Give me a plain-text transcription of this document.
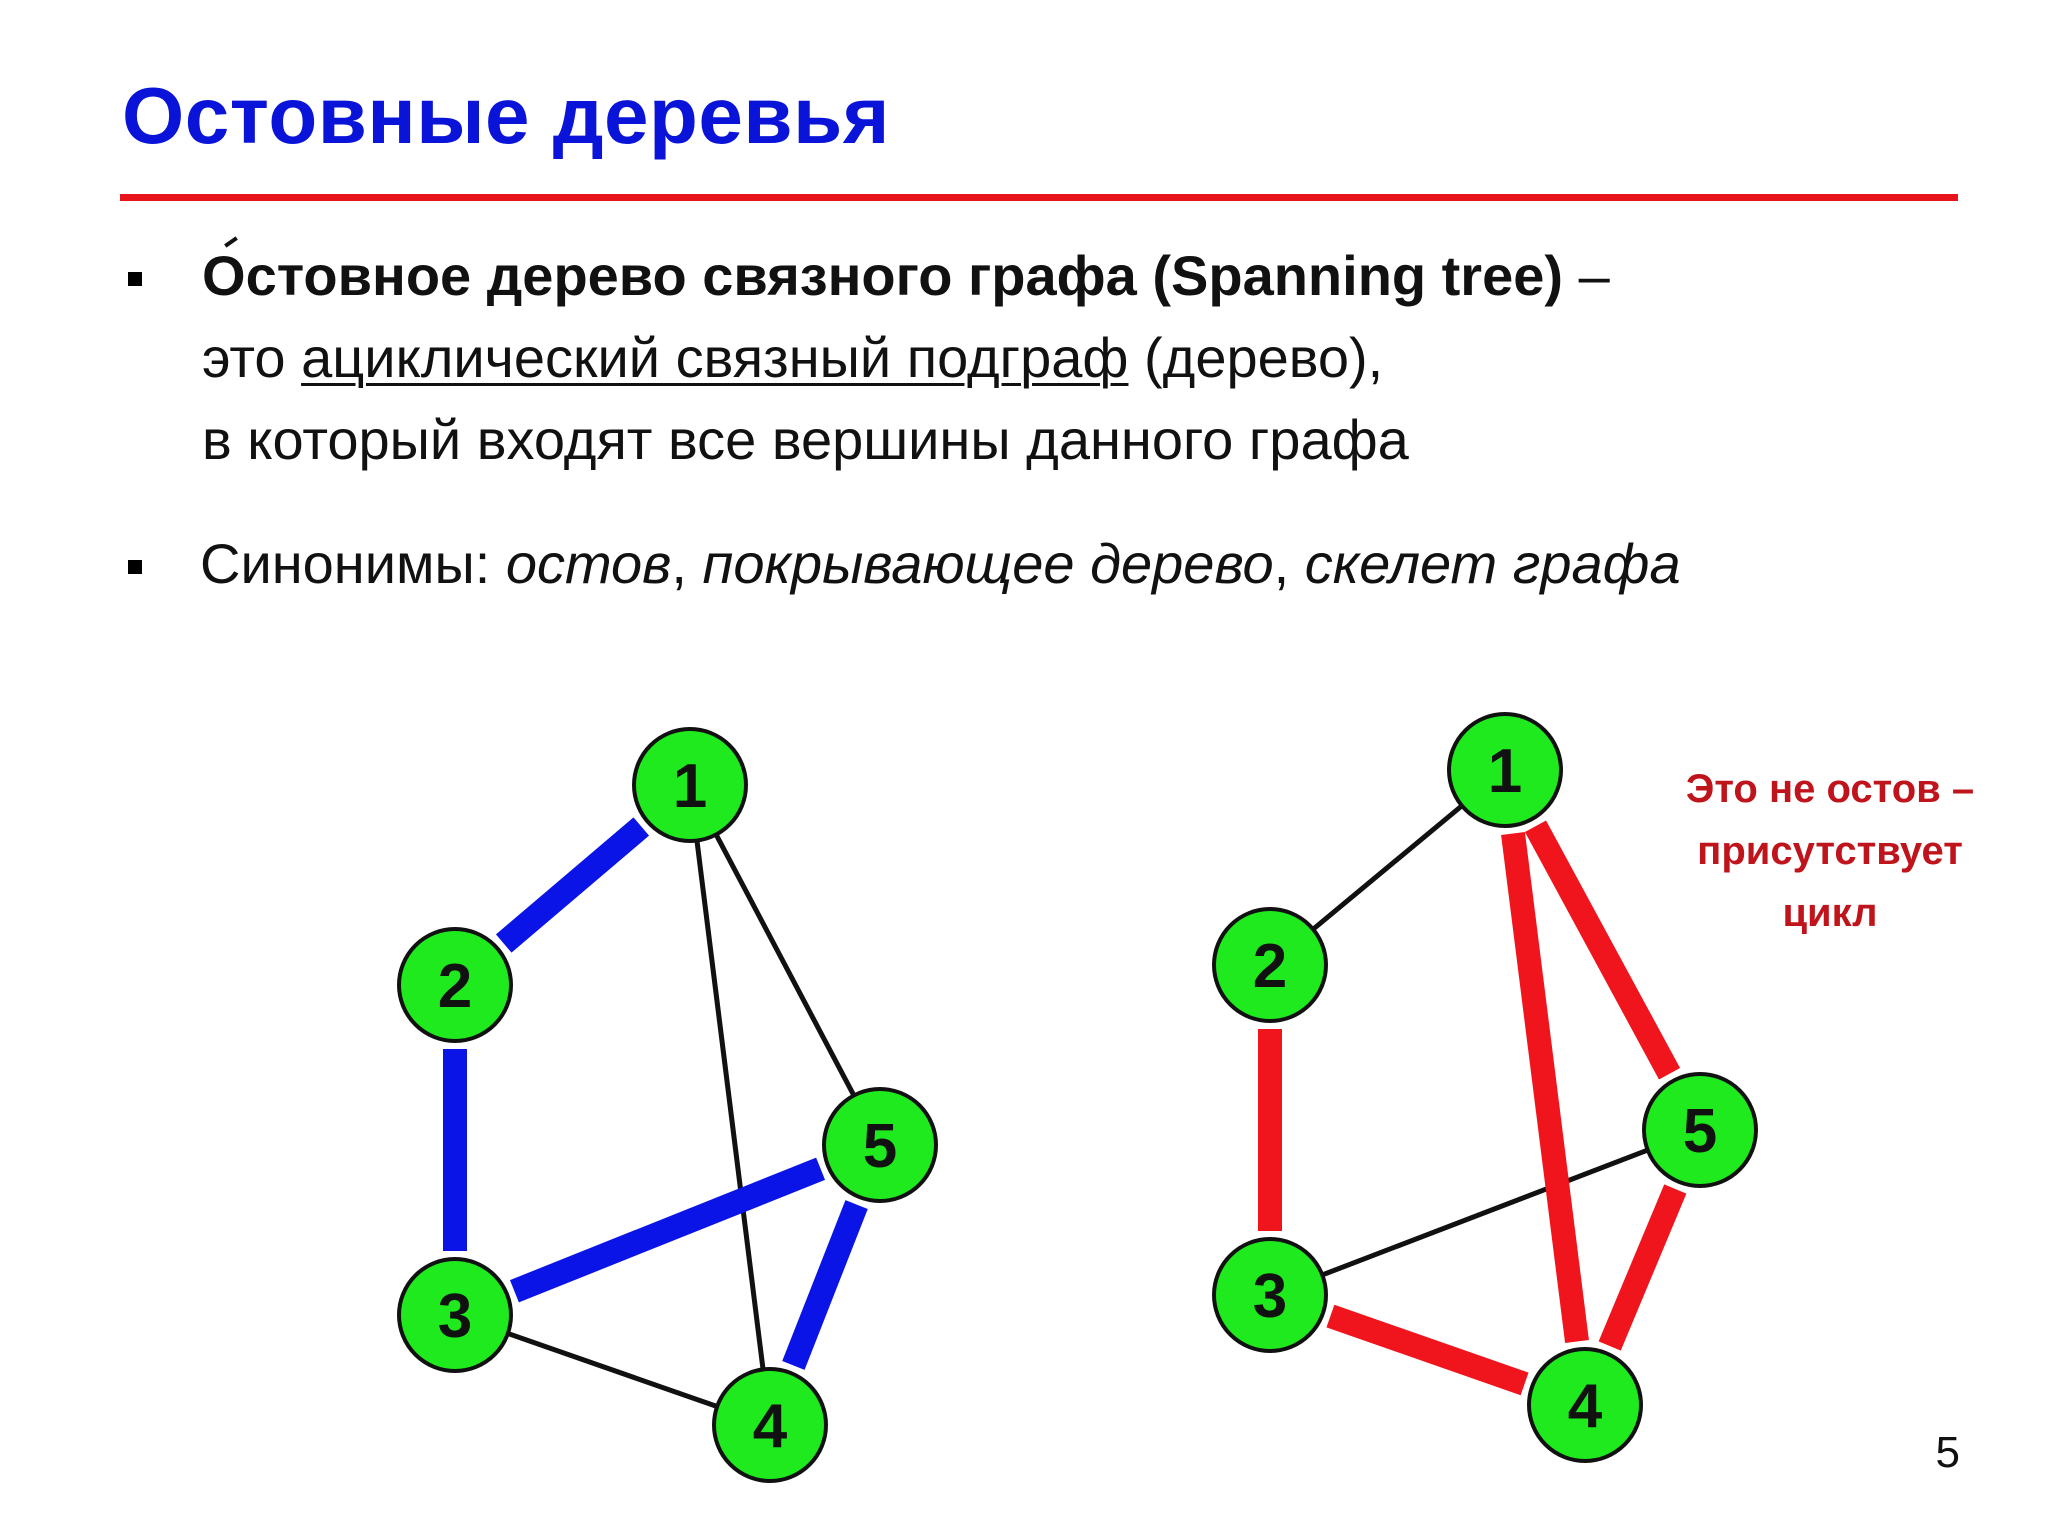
Остовные деревья
Остовное дерево связного графа (Spanning tree) –
это ациклический связный подграф (дерево),
в который входят все вершины данного графа
Синонимы: остов, покрывающее дерево, скелет графа
1
2
3
4
5
1
2
3
4
5
Это не остов –
присутствует
цикл
5
